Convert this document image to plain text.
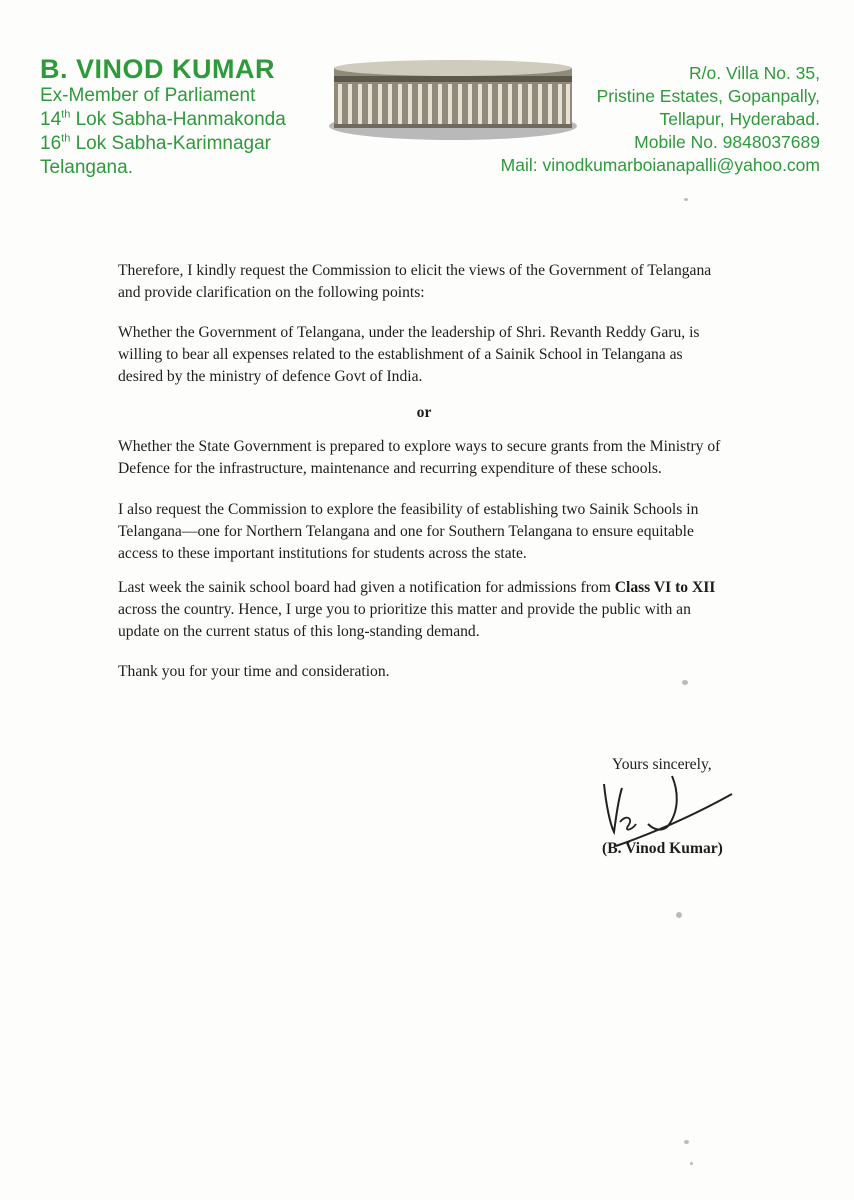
B. VINOD KUMAR
Ex-Member of Parliament
14th Lok Sabha-Hanmakonda
16th Lok Sabha-Karimnagar
Telangana.
R/o. Villa No. 35,
Pristine Estates, Gopanpally,
Tellapur, Hyderabad.
Mobile No. 9848037689
Mail: vinodkumarboianapalli@yahoo.com

Therefore, I kindly request the Commission to elicit the views of the Government of Telangana and provide clarification on the following points:

Whether the Government of Telangana, under the leadership of Shri. Revanth Reddy Garu, is willing to bear all expenses related to the establishment of a Sainik School in Telangana as desired by the ministry of defence Govt of India.

or

Whether the State Government is prepared to explore ways to secure grants from the Ministry of Defence for the infrastructure, maintenance and recurring expenditure of these schools.

I also request the Commission to explore the feasibility of establishing two Sainik Schools in Telangana—one for Northern Telangana and one for Southern Telangana to ensure equitable access to these important institutions for students across the state.

Last week the sainik school board had given a notification for admissions from Class VI to XII across the country. Hence, I urge you to prioritize this matter and provide the public with an update on the current status of this long-standing demand.

Thank you for your time and consideration.

Yours sincerely,
(B. Vinod Kumar)
